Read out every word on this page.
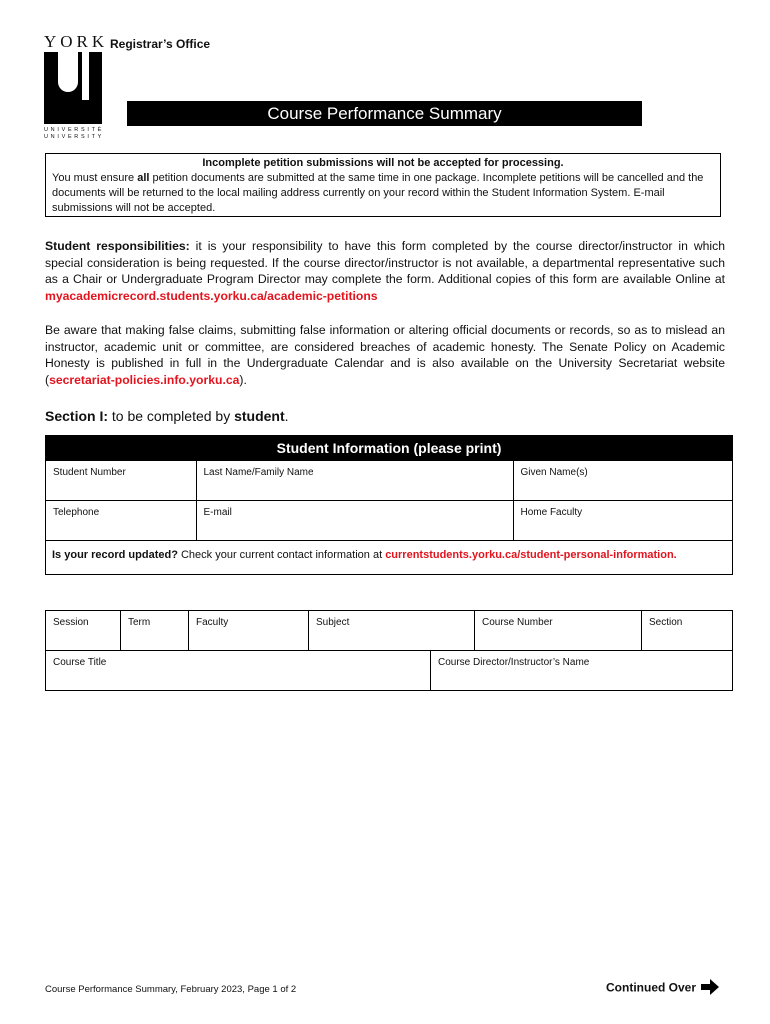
YORK
UNIVERSITÉ UNIVERSITY
Registrar’s Office
Course Performance Summary
Incomplete petition submissions will not be accepted for processing.
You must ensure all petition documents are submitted at the same time in one package. Incomplete petitions will be cancelled and the documents will be returned to the local mailing address currently on your record within the Student Information System. E-mail submissions will not be accepted.
Student responsibilities: it is your responsibility to have this form completed by the course director/instructor in which special consideration is being requested. If the course director/instructor is not available, a departmental representative such as a Chair or Undergraduate Program Director may complete the form. Additional copies of this form are available Online at myacademicrecord.students.yorku.ca/academic-petitions
Be aware that making false claims, submitting false information or altering official documents or records, so as to mislead an instructor, academic unit or committee, are considered breaches of academic honesty. The Senate Policy on Academic Honesty is published in full in the Undergraduate Calendar and is also available on the University Secretariat website (secretariat-policies.info.yorku.ca).
Section I: to be completed by student.
Student Information (please print)
Student Number	Last Name/Family Name	Given Name(s)
Telephone	E-mail	Home Faculty
Is your record updated? Check your current contact information at currentstudents.yorku.ca/student-personal-information.
Session	Term	Faculty	Subject	Course Number	Section
Course Title	Course Director/Instructor’s Name
Course Performance Summary, February 2023, Page 1 of 2	Continued Over
